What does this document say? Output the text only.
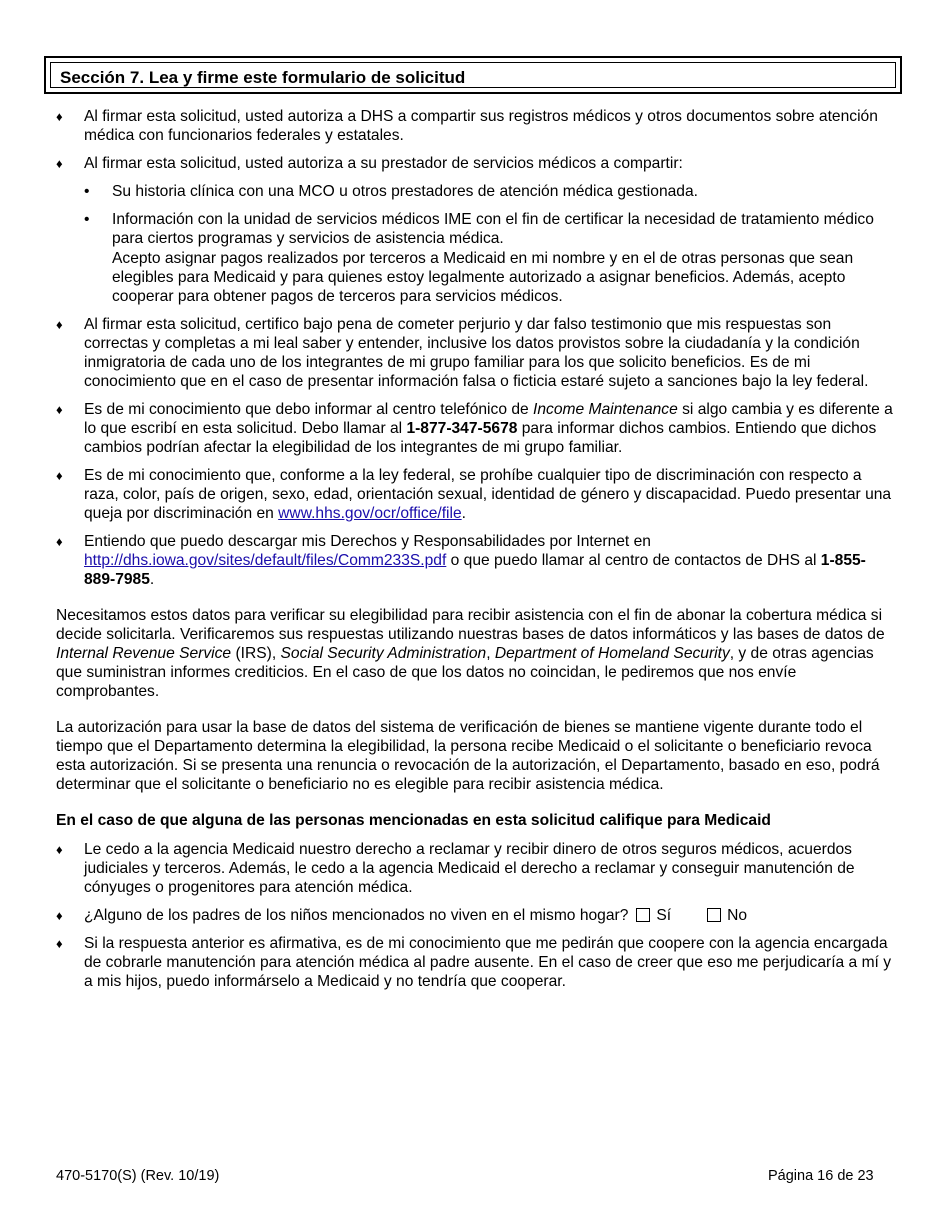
Sección 7. Lea y firme este formulario de solicitud
♦ Al firmar esta solicitud, usted autoriza a DHS a compartir sus registros médicos y otros documentos sobre atención médica con funcionarios federales y estatales.
♦ Al firmar esta solicitud, usted autoriza a su prestador de servicios médicos a compartir:
• Su historia clínica con una MCO u otros prestadores de atención médica gestionada.
• Información con la unidad de servicios médicos IME con el fin de certificar la necesidad de tratamiento médico para ciertos programas y servicios de asistencia médica.
Acepto asignar pagos realizados por terceros a Medicaid en mi nombre y en el de otras personas que sean elegibles para Medicaid y para quienes estoy legalmente autorizado a asignar beneficios. Además, acepto cooperar para obtener pagos de terceros para servicios médicos.
♦ Al firmar esta solicitud, certifico bajo pena de cometer perjurio y dar falso testimonio que mis respuestas son correctas y completas a mi leal saber y entender, inclusive los datos provistos sobre la ciudadanía y la condición inmigratoria de cada uno de los integrantes de mi grupo familiar para los que solicito beneficios. Es de mi conocimiento que en el caso de presentar información falsa o ficticia estaré sujeto a sanciones bajo la ley federal.
♦ Es de mi conocimiento que debo informar al centro telefónico de Income Maintenance si algo cambia y es diferente a lo que escribí en esta solicitud. Debo llamar al 1-877-347-5678 para informar dichos cambios. Entiendo que dichos cambios podrían afectar la elegibilidad de los integrantes de mi grupo familiar.
♦ Es de mi conocimiento que, conforme a la ley federal, se prohíbe cualquier tipo de discriminación con respecto a raza, color, país de origen, sexo, edad, orientación sexual, identidad de género y discapacidad. Puedo presentar una queja por discriminación en www.hhs.gov/ocr/office/file.
♦ Entiendo que puedo descargar mis Derechos y Responsabilidades por Internet en http://dhs.iowa.gov/sites/default/files/Comm233S.pdf o que puedo llamar al centro de contactos de DHS al 1-855-889-7985.
Necesitamos estos datos para verificar su elegibilidad para recibir asistencia con el fin de abonar la cobertura médica si decide solicitarla. Verificaremos sus respuestas utilizando nuestras bases de datos informáticos y las bases de datos de Internal Revenue Service (IRS), Social Security Administration, Department of Homeland Security, y de otras agencias que suministran informes crediticios. En el caso de que los datos no coincidan, le pediremos que nos envíe comprobantes.
La autorización para usar la base de datos del sistema de verificación de bienes se mantiene vigente durante todo el tiempo que el Departamento determina la elegibilidad, la persona recibe Medicaid o el solicitante o beneficiario revoca esta autorización. Si se presenta una renuncia o revocación de la autorización, el Departamento, basado en eso, podrá determinar que el solicitante o beneficiario no es elegible para recibir asistencia médica.
En el caso de que alguna de las personas mencionadas en esta solicitud califique para Medicaid
♦ Le cedo a la agencia Medicaid nuestro derecho a reclamar y recibir dinero de otros seguros médicos, acuerdos judiciales y terceros. Además, le cedo a la agencia Medicaid el derecho a reclamar y conseguir manutención de cónyuges o progenitores para atención médica.
♦ ¿Alguno de los padres de los niños mencionados no viven en el mismo hogar? Sí	No
♦ Si la respuesta anterior es afirmativa, es de mi conocimiento que me pedirán que coopere con la agencia encargada de cobrarle manutención para atención médica al padre ausente. En el caso de creer que eso me perjudicaría a mí y a mis hijos, puedo informárselo a Medicaid y no tendría que cooperar.
470-5170(S) (Rev. 10/19)	Página 16 de 23
